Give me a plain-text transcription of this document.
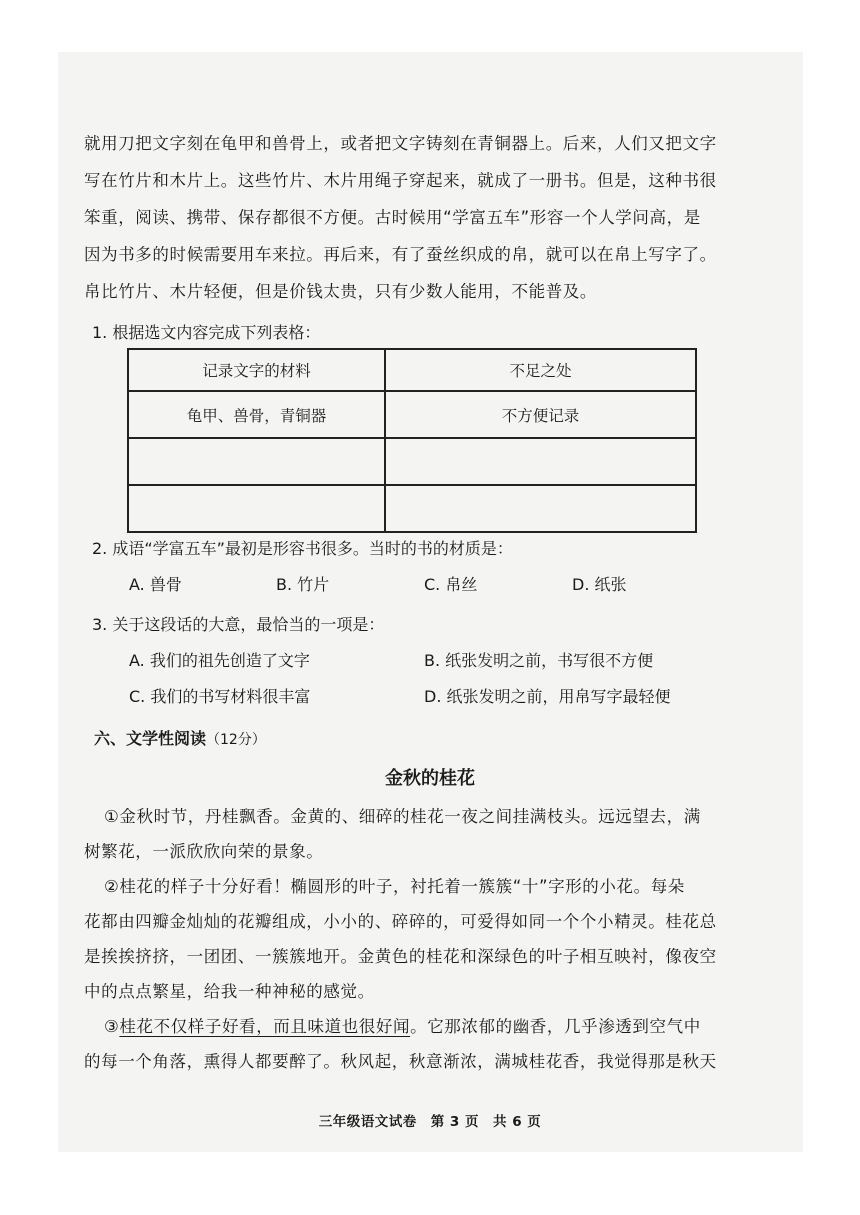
就用刀把文字刻在龟甲和兽骨上，或者把文字铸刻在青铜器上。后来，人们又把文字
写在竹片和木片上。这些竹片、木片用绳子穿起来，就成了一册书。但是，这种书很
笨重，阅读、携带、保存都很不方便。古时候用“学富五车”形容一个人学问高，是
因为书多的时候需要用车来拉。再后来，有了蚕丝织成的帛，就可以在帛上写字了。
帛比竹片、木片轻便，但是价钱太贵，只有少数人能用，不能普及。
1. 根据选文内容完成下列表格：
记录文字的材料	不足之处
龟甲、兽骨，青铜器	不方便记录

2. 成语“学富五车”最初是形容书很多。当时的书的材质是：
A. 兽骨	B. 竹片	C. 帛丝	D. 纸张
3. 关于这段话的大意，最恰当的一项是：
A. 我们的祖先创造了文字	B. 纸张发明之前，书写很不方便
C. 我们的书写材料很丰富	D. 纸张发明之前，用帛写字最轻便
六、文学性阅读（12分）
金秋的桂花
①金秋时节，丹桂飘香。金黄的、细碎的桂花一夜之间挂满枝头。远远望去，满
树繁花，一派欣欣向荣的景象。
②桂花的样子十分好看！椭圆形的叶子，衬托着一簇簇“十”字形的小花。每朵
花都由四瓣金灿灿的花瓣组成，小小的、碎碎的，可爱得如同一个个小精灵。桂花总
是挨挨挤挤，一团团、一簇簇地开。金黄色的桂花和深绿色的叶子相互映衬，像夜空
中的点点繁星，给我一种神秘的感觉。
③桂花不仅样子好看，而且味道也很好闻。它那浓郁的幽香，几乎渗透到空气中
的每一个角落，熏得人都要醉了。秋风起，秋意渐浓，满城桂花香，我觉得那是秋天
三年级语文试卷　第 3 页　共 6 页
